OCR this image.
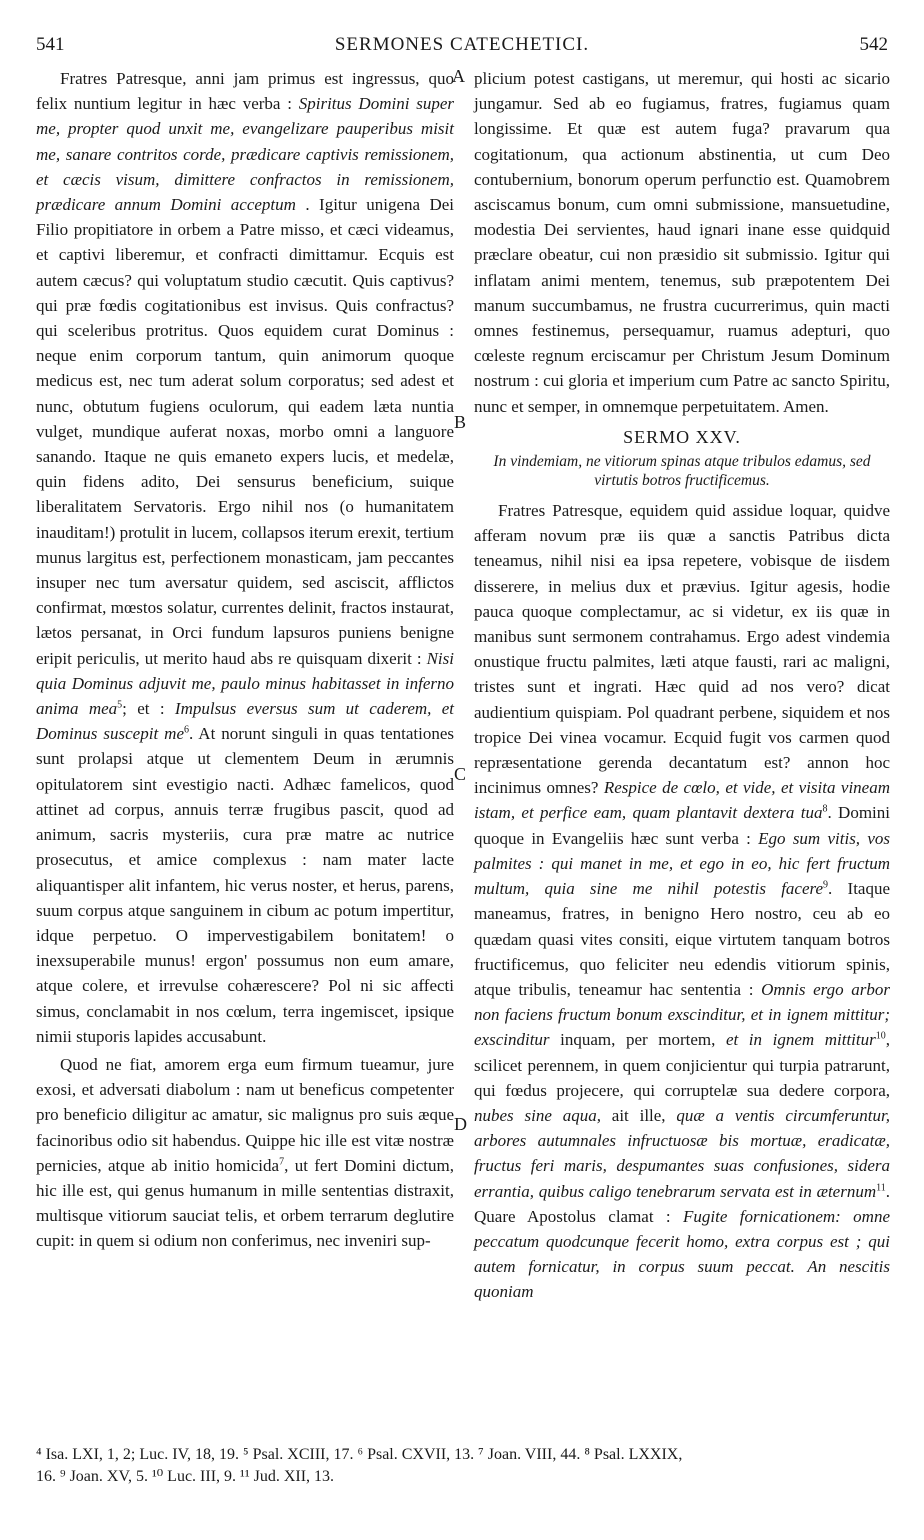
541	SERMONES CATECHETICI.	542
A
B
C
D

Fratres Patresque, anni jam primus est ingressus, quo felix nuntium legitur in hæc verba : Spiritus Domini super me, propter quod unxit me, evangelizare pauperibus misit me, sanare contritos corde, prædicare captivis remissionem, et cæcis visum, dimittere confractos in remissionem, prædicare annum Domini acceptum . Igitur unigena Dei Filio propitiatore in orbem a Patre misso, et cæci videamus, et captivi liberemur, et confracti dimittamur. Ecquis est autem cæcus? qui voluptatum studio cæcutit. Quis captivus? qui præ fœdis cogitationibus est invisus. Quis confractus? qui sceleribus protritus. Quos equidem curat Dominus : neque enim corporum tantum, quin animorum quoque medicus est, nec tum aderat solum corporatus; sed adest et nunc, obtutum fugiens oculorum, qui eadem læta nuntia vulget, mundique auferat noxas, morbo omni a languore sanando. Itaque ne quis emaneto expers lucis, et medelæ, quin fidens adito, Dei sensurus beneficium, suique liberalitatem Servatoris. Ergo nihil nos (o humanitatem inauditam!) protulit in lucem, collapsos iterum erexit, tertium munus largitus est, perfectionem monasticam, jam peccantes insuper nec tum aversatur quidem, sed asciscit, afflictos confirmat, mœstos solatur, currentes delinit, fractos instaurat, lætos persanat, in Orci fundum lapsuros puniens benigne eripit periculis, ut merito haud abs re quisquam dixerit : Nisi quia Dominus adjuvit me, paulo minus habitasset in inferno anima mea$^5$; et : Impulsus eversus sum ut caderem, et Dominus suscepit $me^6$. At norunt singuli in quas tentationes sunt prolapsi atque ut clementem Deum in ærumnis opitulatorem sint evestigio nacti. Adhæc famelicos, quod attinet ad corpus, annuis terræ frugibus pascit, quod ad animum, sacris mysteriis, cura præ matre ac nutrice prosecutus, et amice complexus : nam mater lacte aliquantisper alit infantem, hic verus noster, et herus, parens, suum corpus atque sanguinem in cibum ac potum impertitur, idque perpetuo. O impervestigabilem bonitatem! o inexsuperabile munus! ergon' possumus non eum amare, atque colere, et irrevulse cohærescere? Pol ni sic affecti simus, conclamabit in nos cœlum, terra ingemiscet, ipsique nimii stuporis lapides accusabunt.

Quod ne fiat, amorem erga eum firmum tueamur, jure exosi, et adversati diabolum : nam ut beneficus competenter pro beneficio diligitur ac amatur, sic malignus pro suis æque facinoribus odio sit habendus. Quippe hic ille est vitæ nostræ pernicies, atque ab initio homicida$^7$, ut fert Domini dictum, hic ille est, qui genus humanum in mille sententias distraxit, multisque vitiorum sauciat telis, et orbem terrarum deglutire cupit: in quem si odium non conferimus, nec inveniri sup-

plicium potest castigans, ut meremur, qui hosti ac sicario jungamur. Sed ab eo fugiamus, fratres, fugiamus quam longissime. Et quæ est autem fuga? pravarum qua cogitationum, qua actionum abstinentia, ut cum Deo contubernium, bonorum operum perfunctio est. Quamobrem asciscamus bonum, cum omni submissione, mansuetudine, modestia Dei servientes, haud ignari inane esse quidquid præclare obeatur, cui non præsidio sit submissio. Igitur qui inflatam animi mentem, tenemus, sub præpotentem Dei manum succumbamus, ne frustra cucurrerimus, quin macti omnes festinemus, persequamur, ruamus adepturi, quo cœleste regnum erciscamur per Christum Jesum Dominum nostrum : cui gloria et imperium cum Patre ac sancto Spiritu, nunc et semper, in omnemque perpetuitatem. Amen.

SERMO XXV.
In vindemiam, ne vitiorum spinas atque tribulos edamus, sed virtutis botros fructificemus.

Fratres Patresque, equidem quid assidue loquar, quidve afferam novum præ iis quæ a sanctis Patribus dicta teneamus, nihil nisi ea ipsa repetere, vobisque de iisdem disserere, in melius dux et prævius. Igitur agesis, hodie pauca quoque complectamur, ac si videtur, ex iis quæ in manibus sunt sermonem contrahamus. Ergo adest vindemia onustique fructu palmites, læti atque fausti, rari ac maligni, tristes sunt et ingrati. Hæc quid ad nos vero? dicat audientium quispiam. Pol quadrant perbene, siquidem et nos tropice Dei vinea vocamur. Ecquid fugit vos carmen quod repræsentatione gerenda decantatum est? annon hoc incinimus omnes? Respice de cœlo, et vide, et visita vineam istam, et perfice eam, quam plantavit dextera tua$^8$. Domini quoque in Evangeliis hæc sunt verba : Ego sum vitis, vos palmites : qui manet in me, et ego in eo, hic fert fructum multum, quia sine me nihil potestis facere$^9$. Itaque maneamus, fratres, in benigno Hero nostro, ceu ab eo quædam quasi vites consiti, eique virtutem tanquam botros fructificemus, quo feliciter neu edendis vitiorum spinis, atque tribulis, teneamur hac sententia : Omnis ergo arbor non faciens fructum bonum exscinditur, et in ignem mittitur; exscinditur inquam, per mortem, et in ignem mittitur$^{10}$, scilicet perennem, in quem conjicientur qui turpia patrarunt, qui fœdus projecere, qui corruptelæ sua dedere corpora, nubes sine aqua, ait ille, quæ a ventis circumferuntur, arbores autumnales infructuosæ bis mortuæ, eradicatæ, fructus feri maris, despumantes suas confusiones, sidera errantia, quibus caligo tenebrarum servata est in æternum$^{11}$. Quare Apostolus clamat : Fugite fornicationem: omne peccatum quodcunque fecerit homo, extra corpus est ; qui autem fornicatur, in corpus suum peccat. An nescitis quoniam

⁴ Isa. LXI, 1, 2; Luc. IV, 18, 19. ⁵ Psal. XCIII, 17. ⁶ Psal. CXVII, 13. ⁷ Joan. VIII, 44. ⁸ Psal. LXXIX,
16. ⁹ Joan. XV, 5. ¹⁰ Luc. III, 9. ¹¹ Jud. XII, 13.
